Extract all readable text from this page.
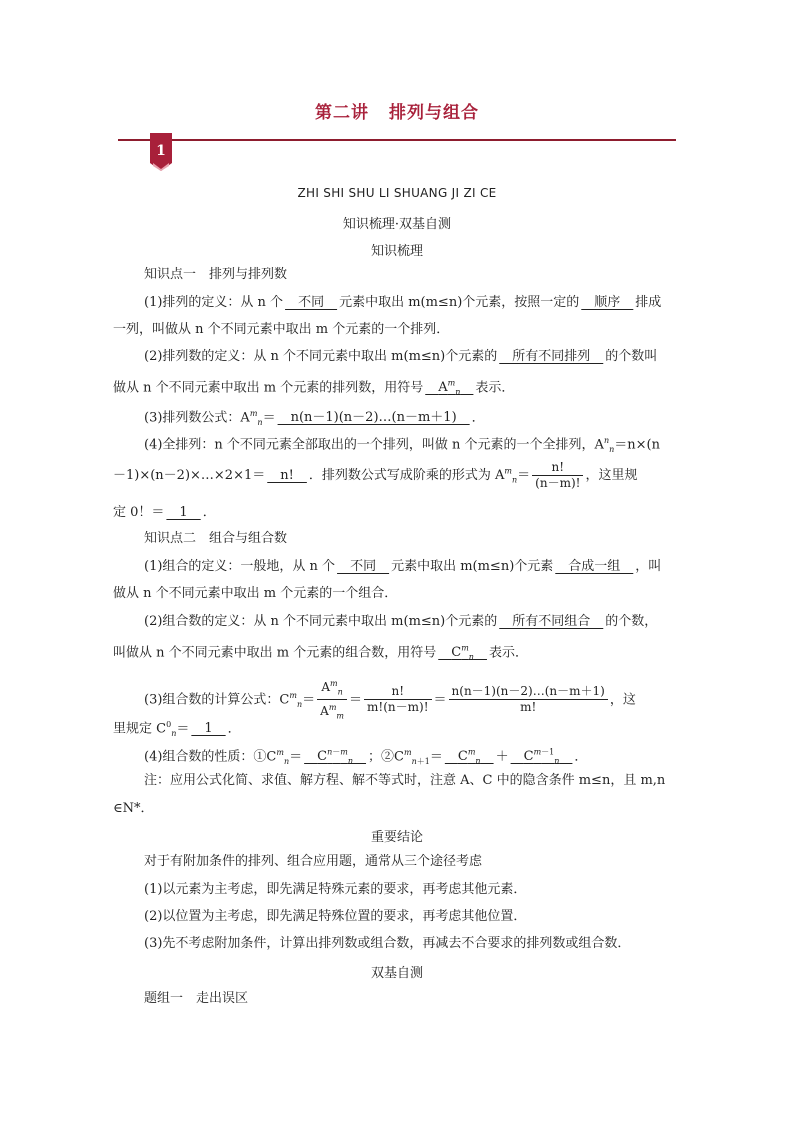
第二讲 排列与组合
1
ZHI SHI SHU LI SHUANG JI ZI CE
知识梳理·双基自测
知识梳理
知识点一　排列与排列数
(1)排列的定义：从 n 个　不同　元素中取出 m(m≤n)个元素，按照一定的　顺序　排成
一列，叫做从 n 个不同元素中取出 m 个元素的一个排列．
(2)排列数的定义：从 n 个不同元素中取出 m(m≤n)个元素的　所有不同排列　的个数叫
做从 n 个不同元素中取出 m 个元素的排列数，用符号　 $A^m_n$　 表示．
(3)排列数公式：$A^m_n=$　n(n－1)(n－2)…(n－m＋1)　．
(4)全排列：n 个不同元素全部取出的一个排列，叫做 n 个元素的一个全排列，$A^n_n=n\times(n$
－1)×(n－2)×…×2×1＝　n!　．排列数公式写成阶乘的形式为 $A^m_n= \frac{n!}{(n-m)!}$ ，这里规
定 0！＝　1　．
知识点二　组合与组合数
(1)组合的定义：一般地，从 n 个　不同　元素中取出 m(m≤n)个元素　合成一组　，叫
做从 n 个不同元素中取出 m 个元素的一个组合．
(2)组合数的定义：从 n 个不同元素中取出 m(m≤n)个元素的　所有不同组合　的个数，
叫做从 n 个不同元素中取出 m 个元素的组合数，用符号　 $C^m_n$　 表示．
(3)组合数的计算公式：$C^m_n= \frac{A^m_n}{A^m_m} = \frac{n!}{m!(n-m)!} = \frac{n(n-1)(n-2)\dots(n-m+1)}{m!}$ ，这
里规定 $C^0_n=$　1　．
(4)组合数的性质：$①C^m_n=$　 $C^{n-m}_n$　 ；$②C^m_{n+1}=$　 $C^m_n$　 ＋　 $C^{m-1}_n$　 ．
注：应用公式化简、求值、解方程、解不等式时，注意 A、C 中的隐含条件 m≤n，且 m,n
∈N*．
重要结论
对于有附加条件的排列、组合应用题，通常从三个途径考虑
(1)以元素为主考虑，即先满足特殊元素的要求，再考虑其他元素．
(2)以位置为主考虑，即先满足特殊位置的要求，再考虑其他位置．
(3)先不考虑附加条件，计算出排列数或组合数，再减去不合要求的排列数或组合数．
双基自测
题组一　走出误区
